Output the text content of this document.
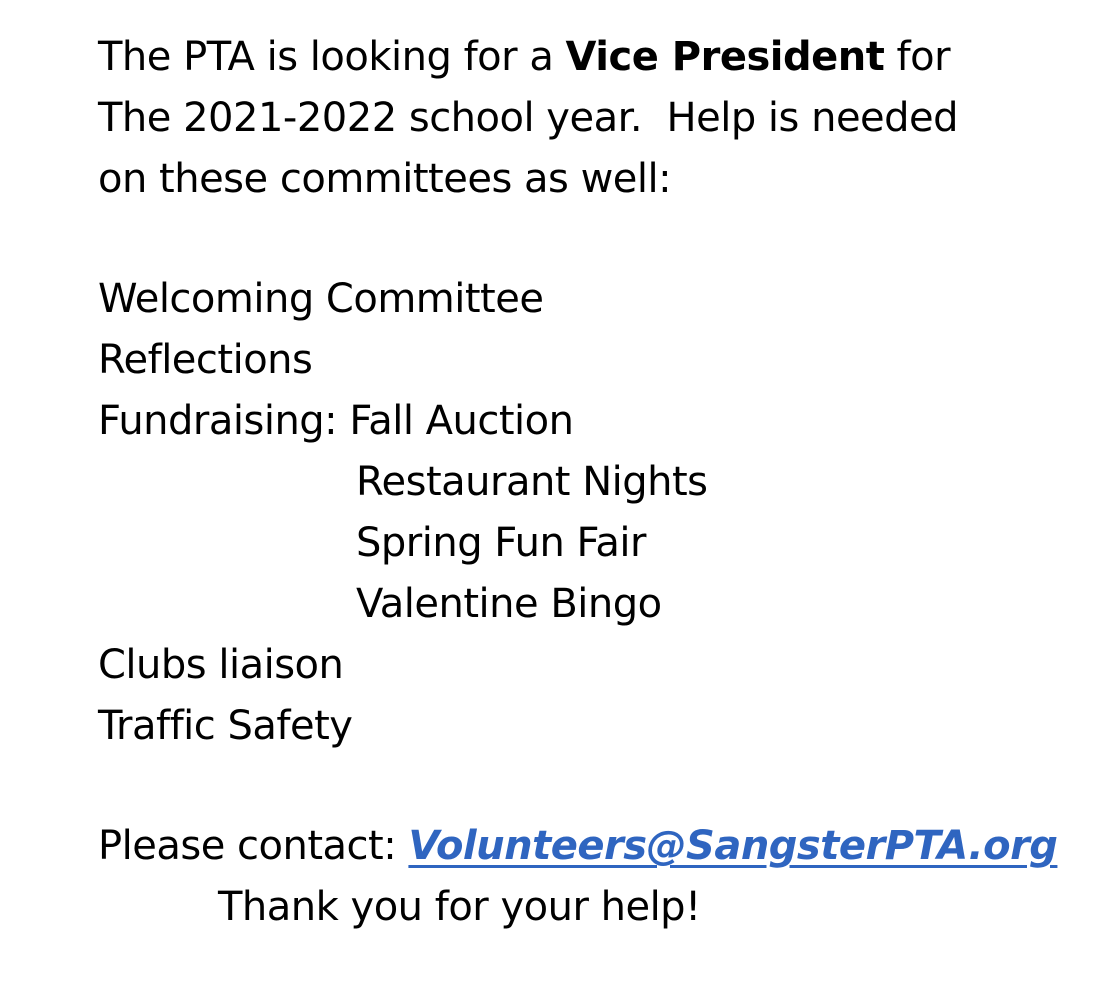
The PTA is looking for a Vice President for
The 2021-2022 school year.  Help is needed
on these committees as well:
Welcoming Committee
Reflections
Fundraising: Fall Auction
Restaurant Nights
Spring Fun Fair
Valentine Bingo
Clubs liaison
Traffic Safety
Please contact: Volunteers@SangsterPTA.org
Thank you for your help!
